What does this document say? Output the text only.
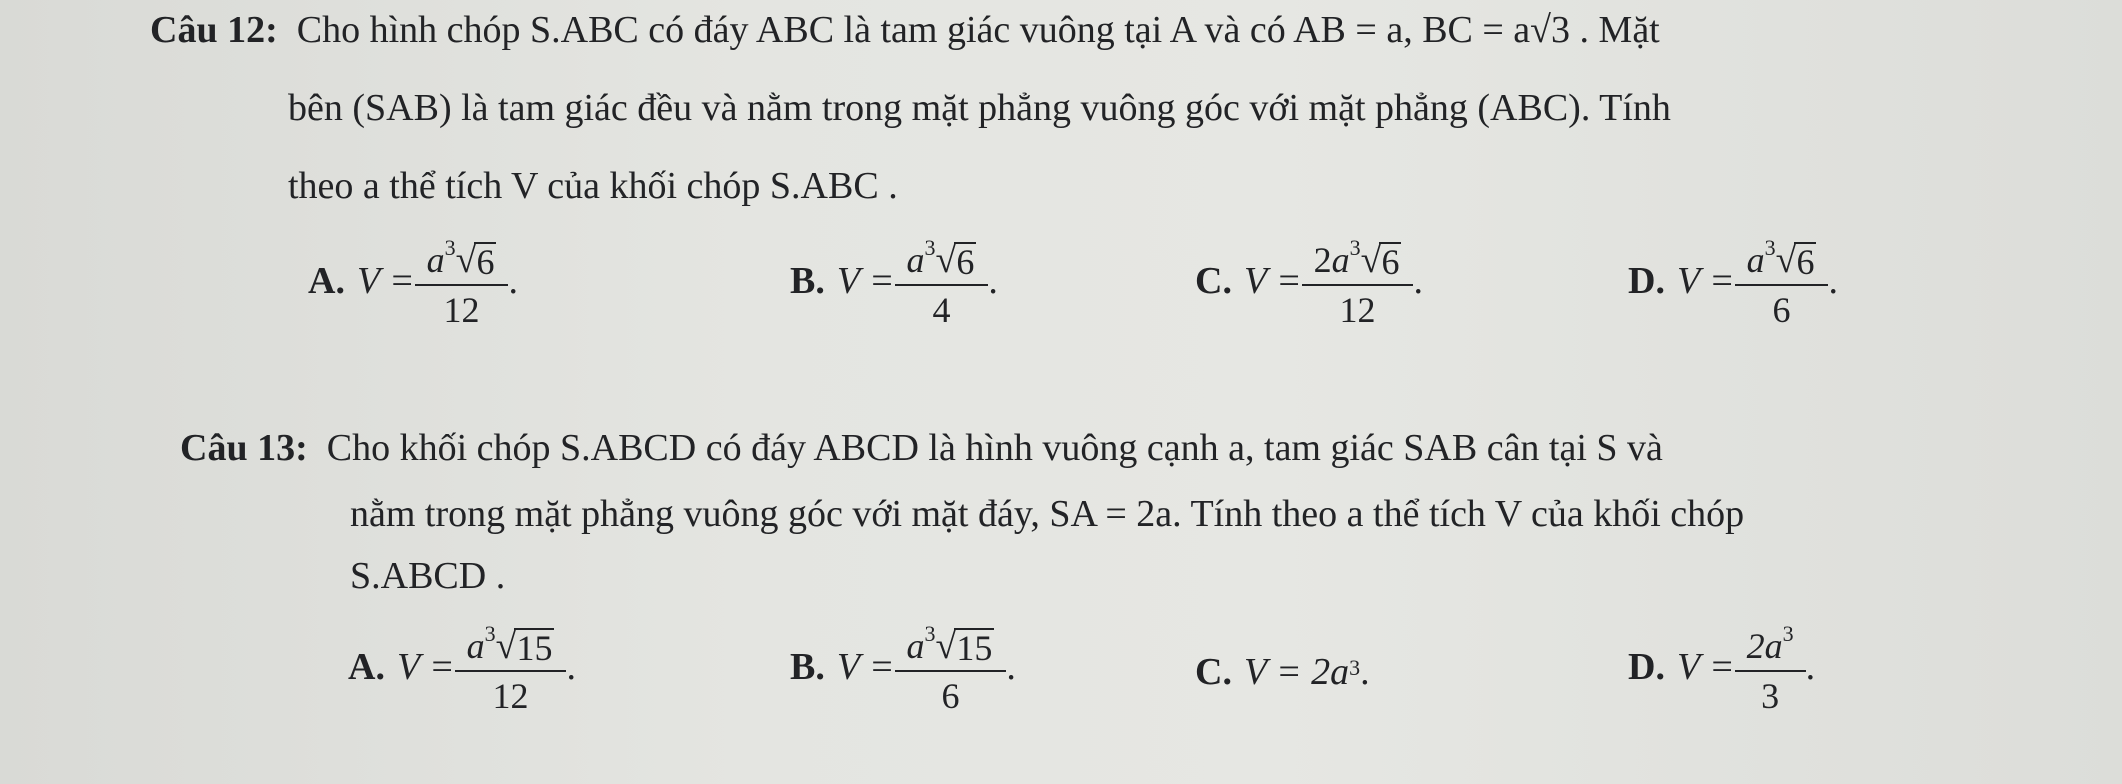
Câu 12: Cho hình chóp S.ABC có đáy ABC là tam giác vuông tại A và có AB = a, BC = a√3 . Mặt
bên (SAB) là tam giác đều và nằm trong mặt phẳng vuông góc với mặt phẳng (ABC). Tính
theo a thể tích V của khối chóp S.ABC .
A. $V = \frac{a^3 √ 6}{12}$ .	B. $V = \frac{a^3 √ 6}{4}$ .	C. $V = \frac{2a^3 √ 6}{12}$ .	D. $V = \frac{a^3 √ 6}{6}$ .
Câu 13: Cho khối chóp S.ABCD có đáy ABCD là hình vuông cạnh a, tam giác SAB cân tại S và
nằm trong mặt phẳng vuông góc với mặt đáy, SA = 2a. Tính theo a thể tích V của khối chóp
S.ABCD .
A. $V = \frac{a^3 √ 15}{12}$ .	B. $V = \frac{a^3 √ 15}{6}$ .	C. V =
$2a^3$ .	D. $V = \frac{2a^3}{3}$ .
